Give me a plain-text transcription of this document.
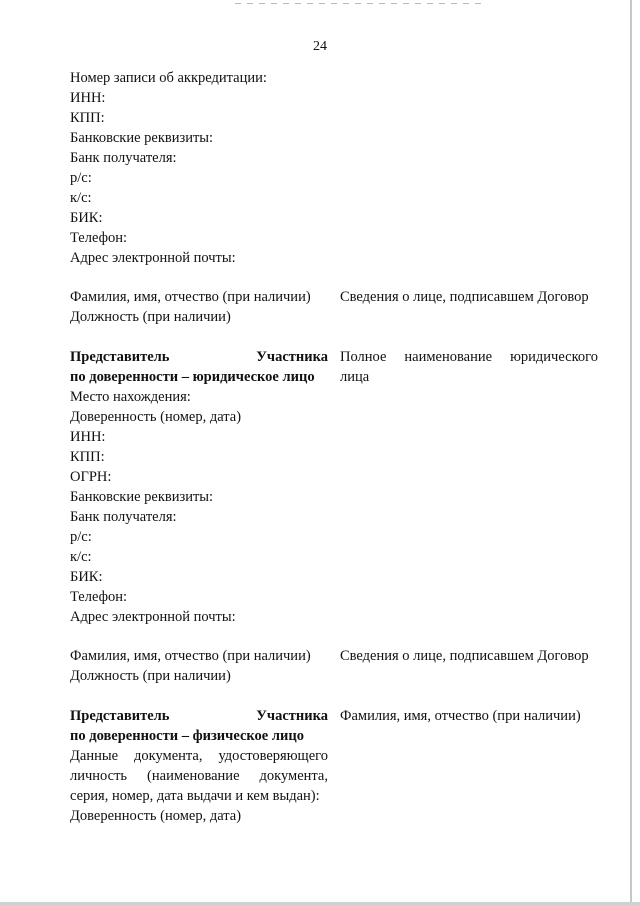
24
Номер записи об аккредитации:
ИНН:
КПП:
Банковские реквизиты:
Банк получателя:
р/с:
к/с:
БИК:
Телефон:
Адрес электронной почты:
Фамилия, имя, отчество (при наличии) Сведения о лице, подписавшем Договор
Должность (при наличии)
Представитель	Участника
по доверенности – юридическое лицо
Полное наименование юридического
лица
Место нахождения:
Доверенность (номер, дата)
ИНН:
КПП:
ОГРН:
Банковские реквизиты:
Банк получателя:
р/с:
к/с:
БИК:
Телефон:
Адрес электронной почты:
Фамилия, имя, отчество (при наличии) Сведения о лице, подписавшем Договор
Должность (при наличии)
Представитель	Участника
по доверенности – физическое лицо
Фамилия, имя, отчество (при наличии)
Данные документа, удостоверяющего
личность (наименование документа,
серия, номер, дата выдачи и кем выдан):
Доверенность (номер, дата)
